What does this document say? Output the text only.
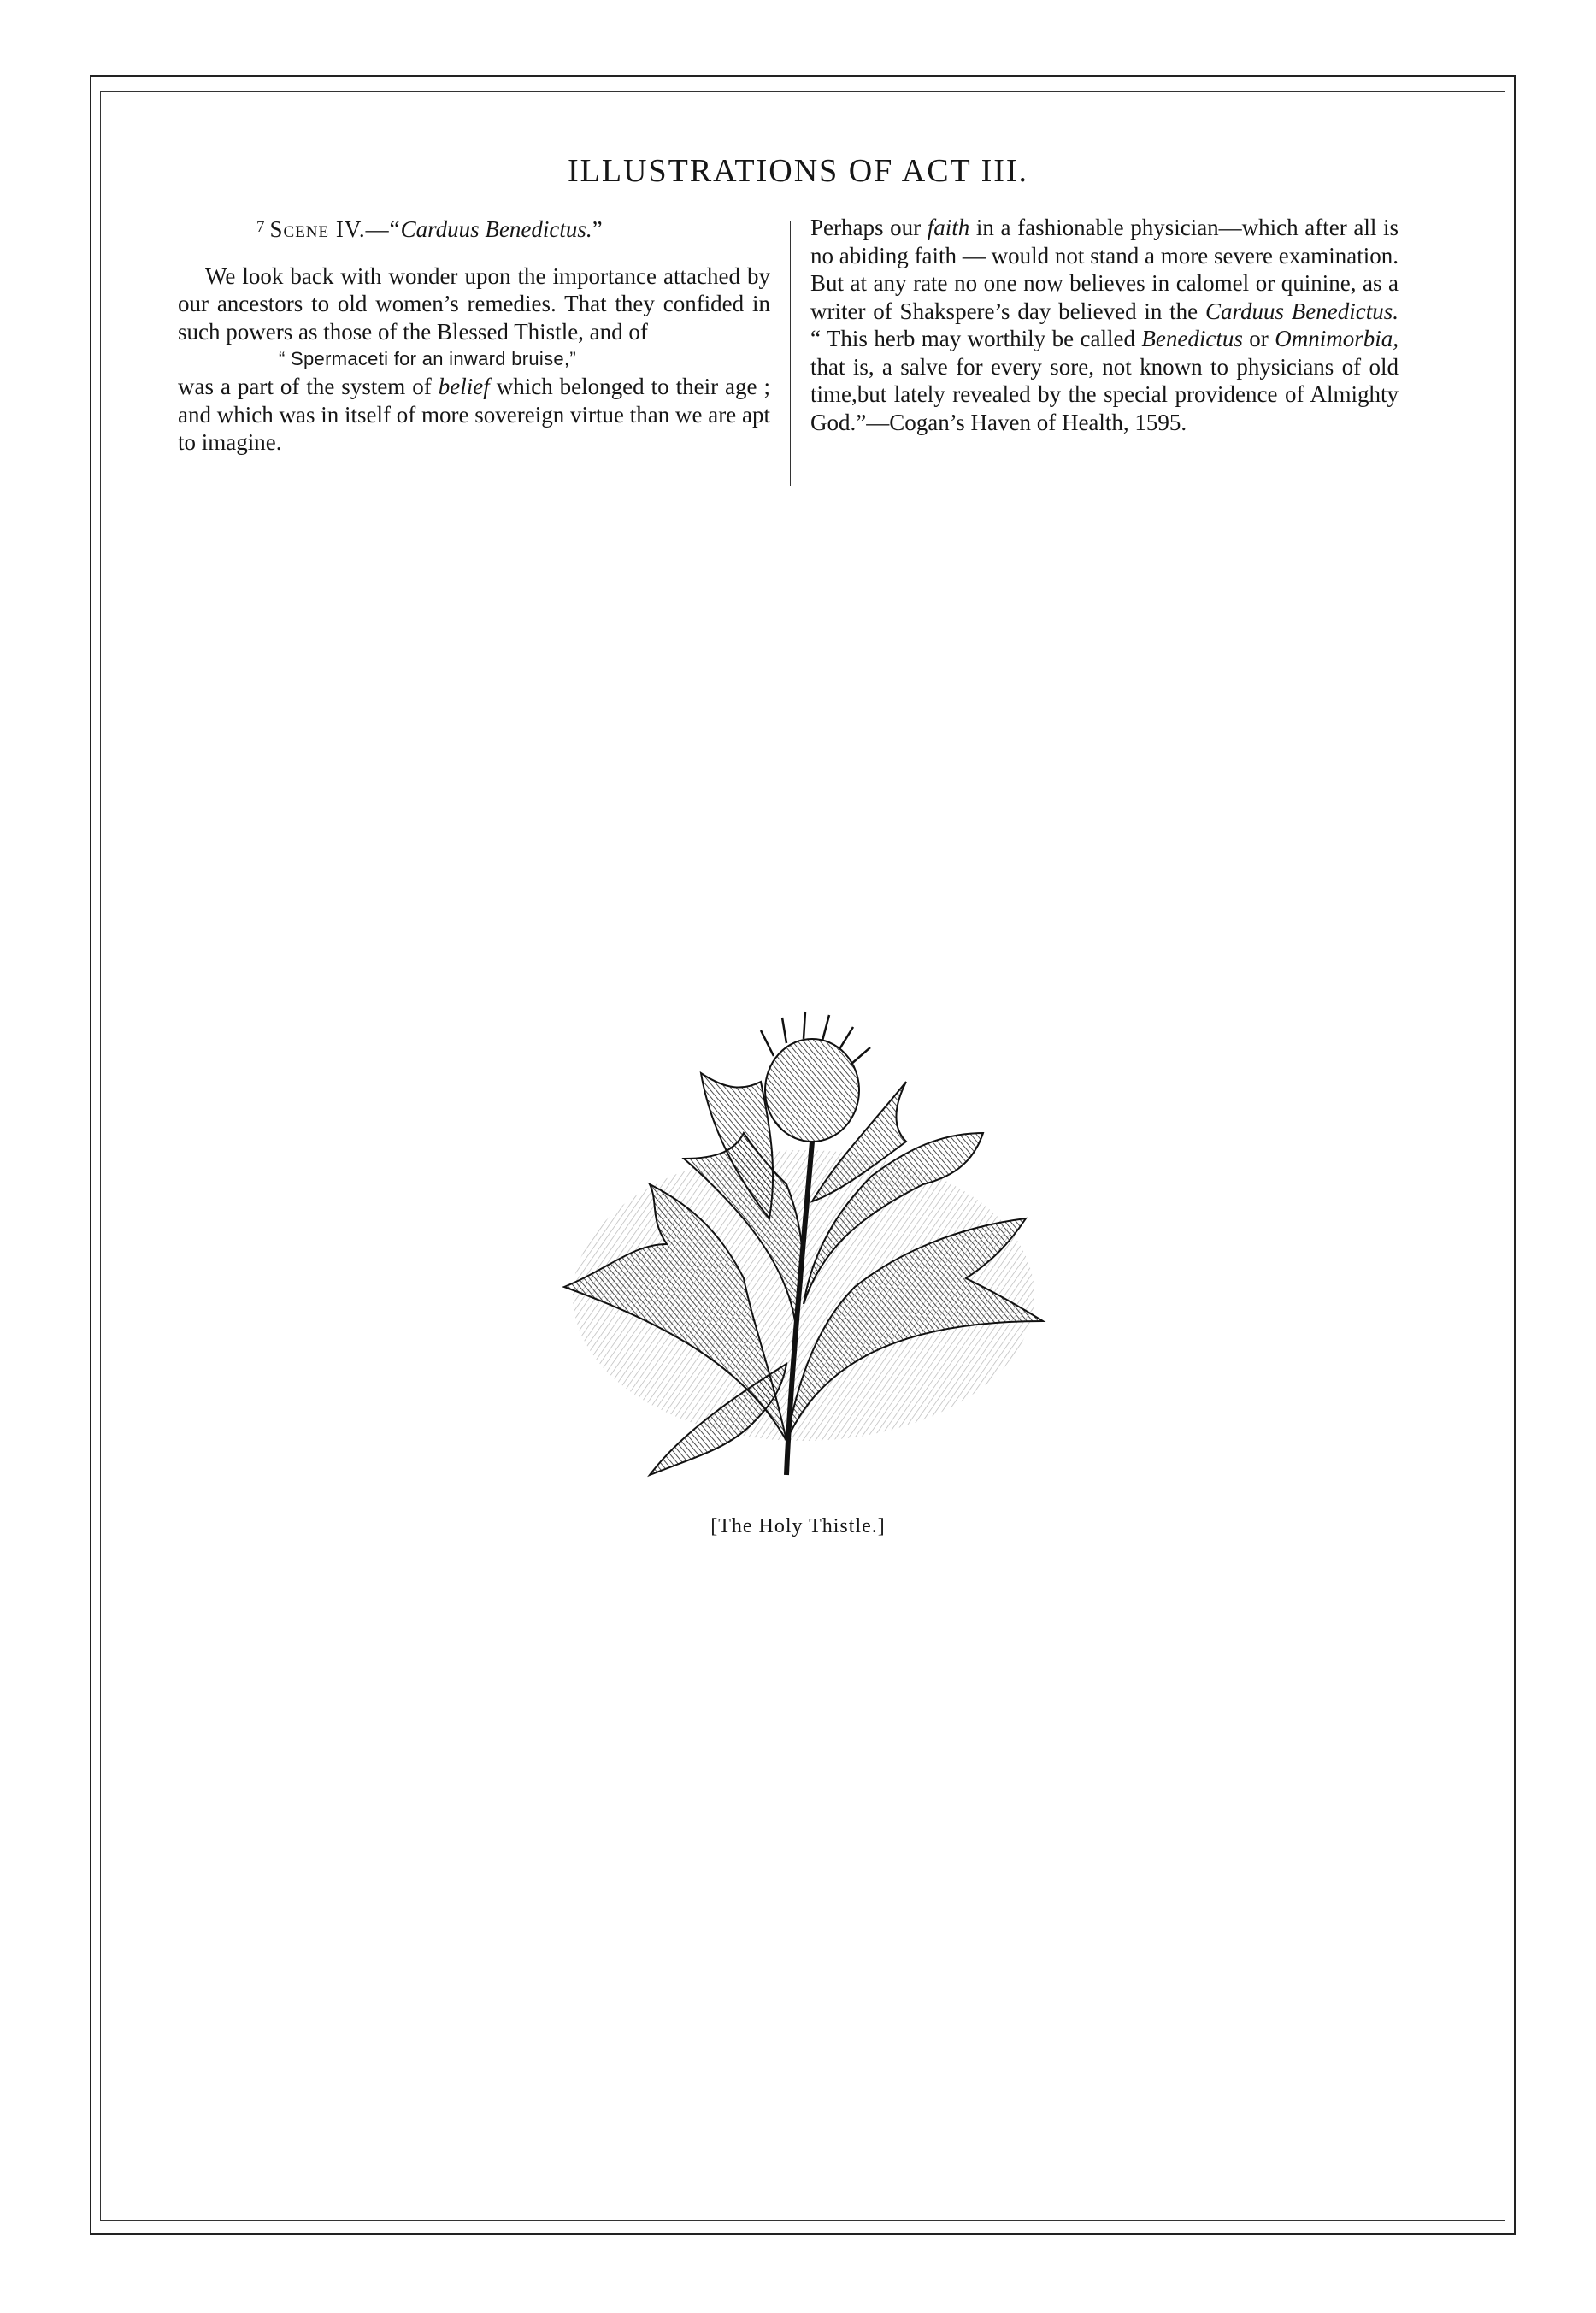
ILLUSTRATIONS OF ACT III.

$^7$ Scene IV.—“Carduus Benedictus.”

We look back with wonder upon the importance attached by our ancestors to old women’s remedies. That they confided in such powers as those of the Blessed Thistle, and of

“ Spermaceti for an inward bruise,”

was a part of the system of belief which belonged to their age ; and which was in itself of more sovereign virtue than we are apt to imagine.

Perhaps our faith in a fashionable physician—which after all is no abiding faith — would not stand a more severe examination. But at any rate no one now believes in calomel or quinine, as a writer of Shakspere’s day believed in the Carduus Benedictus. “ This herb may worthily be called Benedictus or Omnimorbia, that is, a salve for every sore, not known to physicians of old time,but lately revealed by the special providence of Almighty God.”—Cogan’s Haven of Health, 1595.

[The Holy Thistle.]
